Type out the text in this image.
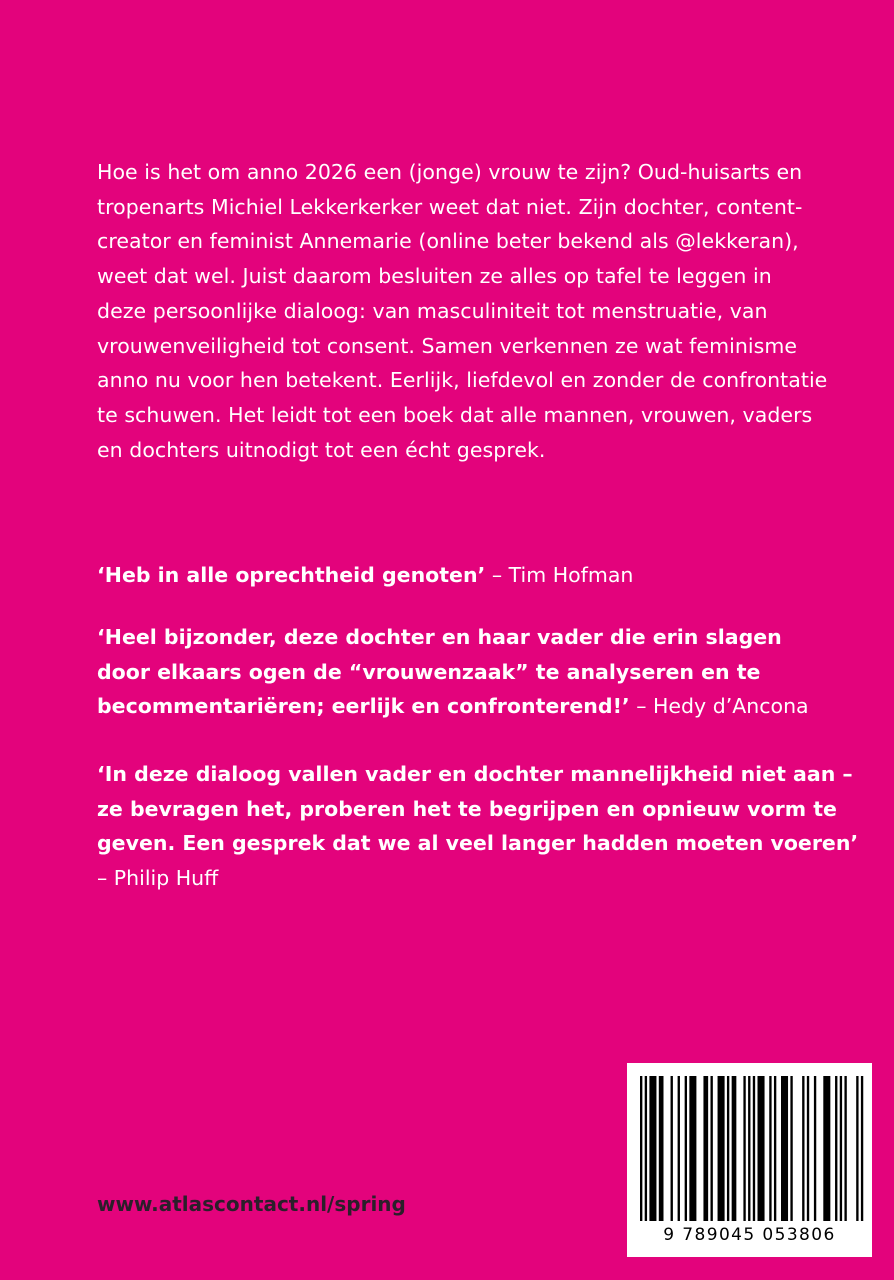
Hoe is het om anno 2026 een (jonge) vrouw te zijn? Oud-huisarts en
tropenarts Michiel Lekkerkerker weet dat niet. Zijn dochter, content-
creator en feminist Annemarie (online beter bekend als @lekkeran),
weet dat wel. Juist daarom besluiten ze alles op tafel te leggen in
deze persoonlijke dialoog: van masculiniteit tot menstruatie, van
vrouwenveiligheid tot consent. Samen verkennen ze wat feminisme
anno nu voor hen betekent. Eerlijk, liefdevol en zonder de confrontatie
te schuwen. Het leidt tot een boek dat alle mannen, vrouwen, vaders
en dochters uitnodigt tot een écht gesprek.
‘Heb in alle oprechtheid genoten’ – Tim Hofman
‘Heel bijzonder, deze dochter en haar vader die erin slagen
door elkaars ogen de “vrouwenzaak” te analyseren en te
becommentariëren; eerlijk en confronterend!’ – Hedy d’Ancona
‘In deze dialoog vallen vader en dochter mannelijkheid niet aan –
ze bevragen het, proberen het te begrijpen en opnieuw vorm te
geven. Een gesprek dat we al veel langer hadden moeten voeren’
– Philip Huff
www.atlascontact.nl/spring
9 789045 053806
